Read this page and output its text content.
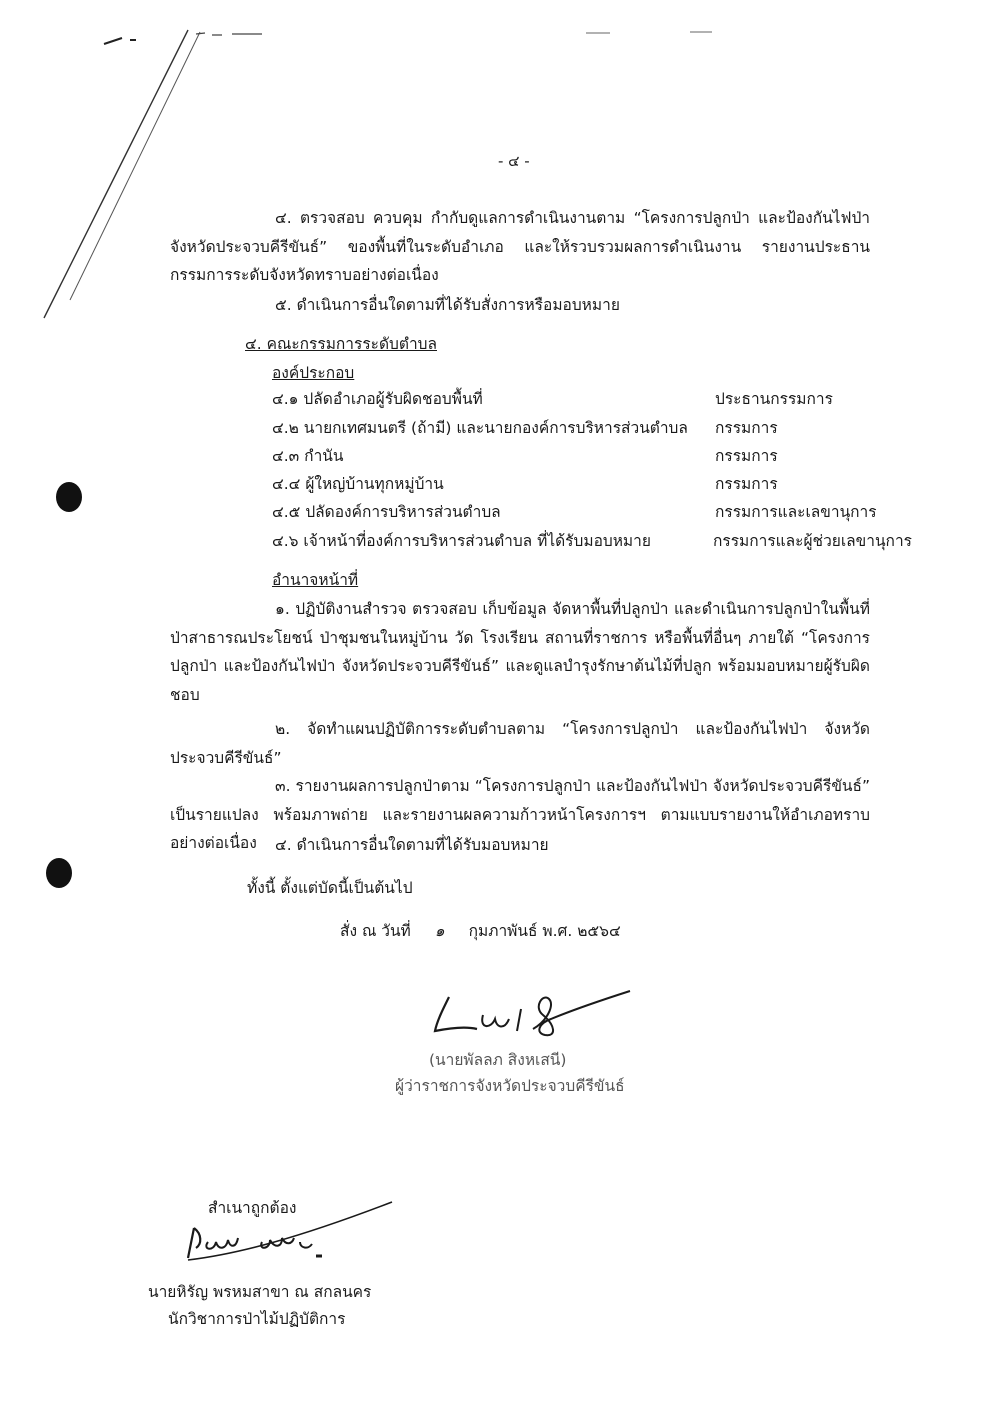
- ๔ -
๔. ตรวจสอบ ควบคุม กำกับดูแลการดำเนินงานตาม “โครงการปลูกป่า และป้องกันไฟป่า จังหวัดประจวบคีรีขันธ์” ของพื้นที่ในระดับอำเภอ และให้รวบรวมผลการดำเนินงาน รายงานประธานกรรมการระดับจังหวัดทราบอย่างต่อเนื่อง
๕. ดำเนินการอื่นใดตามที่ได้รับสั่งการหรือมอบหมาย
๔. คณะกรรมการระดับตำบล
องค์ประกอบ
๔.๑ ปลัดอำเภอผู้รับผิดชอบพื้นที่	ประธานกรรมการ
๔.๒ นายกเทศมนตรี (ถ้ามี) และนายกองค์การบริหารส่วนตำบล กรรมการ
๔.๓ กำนัน	กรรมการ
๔.๔ ผู้ใหญ่บ้านทุกหมู่บ้าน	กรรมการ
๔.๕ ปลัดองค์การบริหารส่วนตำบล	กรรมการและเลขานุการ
๔.๖ เจ้าหน้าที่องค์การบริหารส่วนตำบล ที่ได้รับมอบหมาย	กรรมการและผู้ช่วยเลขานุการ
อำนาจหน้าที่
๑. ปฏิบัติงานสำรวจ ตรวจสอบ เก็บข้อมูล จัดหาพื้นที่ปลูกป่า และดำเนินการปลูกป่าในพื้นที่ป่าสาธารณประโยชน์ ป่าชุมชนในหมู่บ้าน วัด โรงเรียน สถานที่ราชการ หรือพื้นที่อื่นๆ ภายใต้ “โครงการปลูกป่า และป้องกันไฟป่า จังหวัดประจวบคีรีขันธ์” และดูแลบำรุงรักษาต้นไม้ที่ปลูก พร้อมมอบหมายผู้รับผิดชอบ
๒. จัดทำแผนปฏิบัติการระดับตำบลตาม “โครงการปลูกป่า และป้องกันไฟป่า จังหวัดประจวบคีรีขันธ์”
๓. รายงานผลการปลูกป่าตาม “โครงการปลูกป่า และป้องกันไฟป่า จังหวัดประจวบคีรีขันธ์” เป็นรายแปลง พร้อมภาพถ่าย และรายงานผลความก้าวหน้าโครงการฯ ตามแบบรายงานให้อำเภอทราบอย่างต่อเนื่อง	๔. ดำเนินการอื่นใดตามที่ได้รับมอบหมาย
ทั้งนี้ ตั้งแต่บัดนี้เป็นต้นไป
สั่ง ณ วันที่ ๑ กุมภาพันธ์ พ.ศ. ๒๕๖๔
(นายพัลลภ สิงหเสนี)
ผู้ว่าราชการจังหวัดประจวบคีรีขันธ์
สำเนาถูกต้อง
นายหิรัญ พรหมสาขา ณ สกลนคร
นักวิชาการป่าไม้ปฏิบัติการ
